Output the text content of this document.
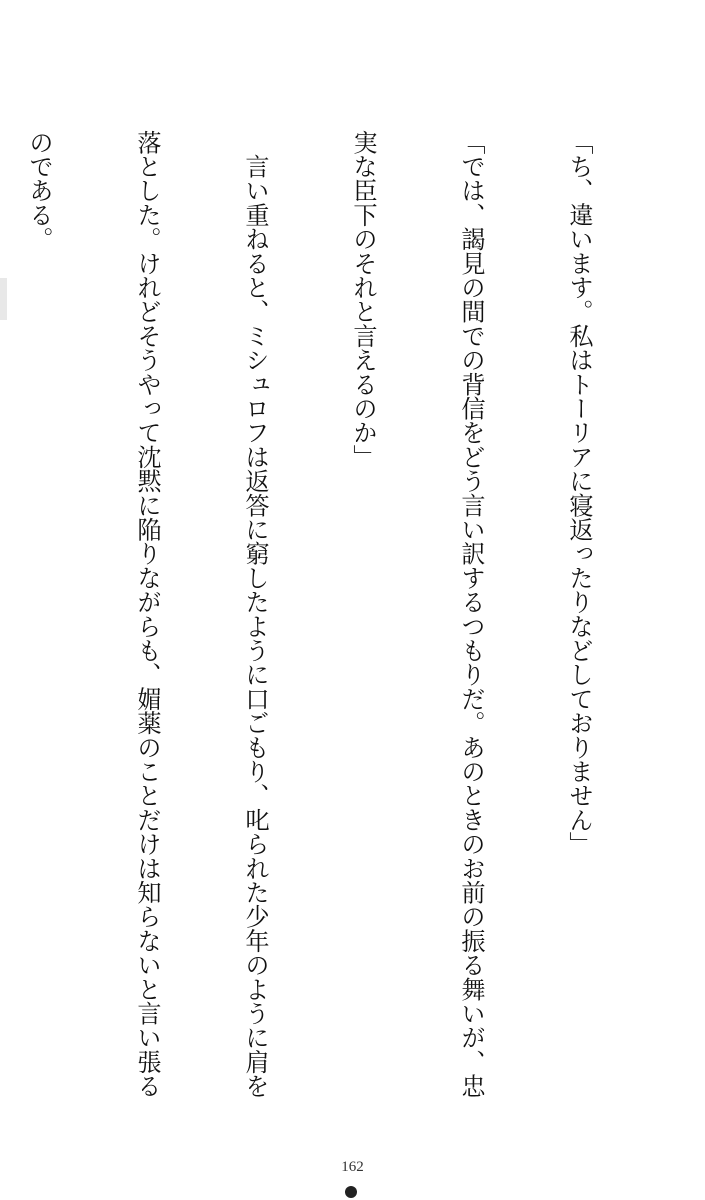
「ち、違います。私はトーリアに寝返ったりなどしておりません」

「では、謁見の間での背信をどう言い訳するつもりだ。あのときのお前の振る舞いが、忠

実な臣下のそれと言えるのか」

　言い重ねると、ミシュロフは返答に窮したように口ごもり、叱られた少年のように肩を

落とした。けれどそうやって沈黙に陥りながらも、媚薬のことだけは知らないと言い張る

のである。

162
